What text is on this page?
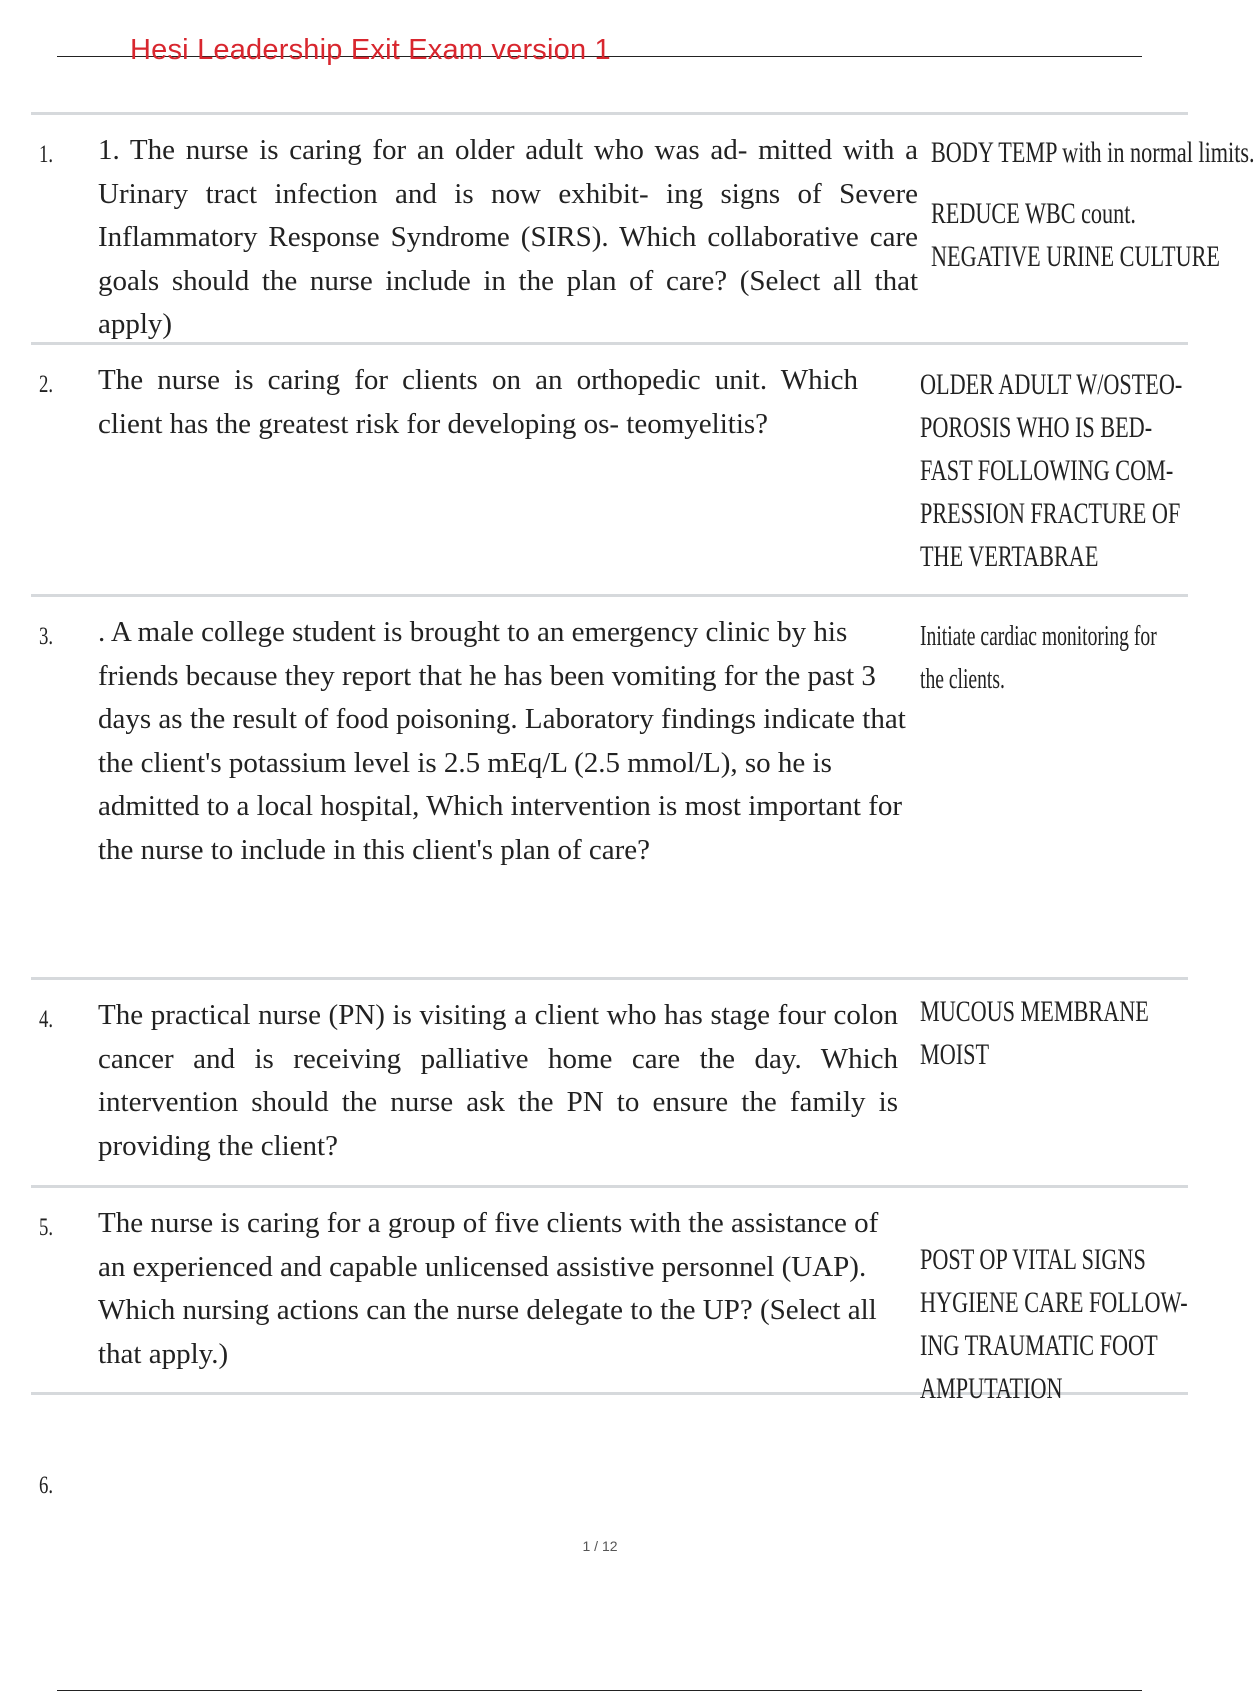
Hesi Leadership Exit Exam version 1
1. 1. The nurse is caring for an older adult who was ad- mitted with a Urinary tract infection and is now exhibit- ing signs of Severe Inflammatory Response Syndrome (SIRS). Which collaborative care goals should the nurse include in the plan of care? (Select all that apply)
BODY TEMP with in normal limits.
REDUCE WBC count.
NEGATIVE URINE CULTURE
2. The nurse is caring for clients on an orthopedic unit. Which client has the greatest risk for developing os- teomyelitis?
OLDER ADULT W/OSTEO-
POROSIS WHO IS BED-
FAST FOLLOWING COM-
PRESSION FRACTURE OF
THE VERTABRAE
. A male college student is brought to an emergency clinic by his friends because they report that he has been vomiting for the past 3 days as the result of food poisoning. Laboratory findings indicate that the client's potassium level is 2.5 mEq/L (2.5 mmol/L), so he is admitted to a local hospital, Which intervention is most important for the nurse to include in this client's plan of care?
3.	Initiate cardiac monitoring for
the clients.
4. The practical nurse (PN) is visiting a client who has stage four colon cancer and is receiving palliative home care the day. Which intervention should the nurse ask the PN to ensure the family is providing the client?
MUCOUS MEMBRANE
MOIST
5. The nurse is caring for a group of five clients with the assistance of an experienced and capable unlicensed assistive personnel (UAP). Which nursing actions can the nurse delegate to the UP? (Select all that apply.)
POST OP VITAL SIGNS
HYGIENE CARE FOLLOW-
ING TRAUMATIC FOOT
AMPUTATION
6.
1 / 12
